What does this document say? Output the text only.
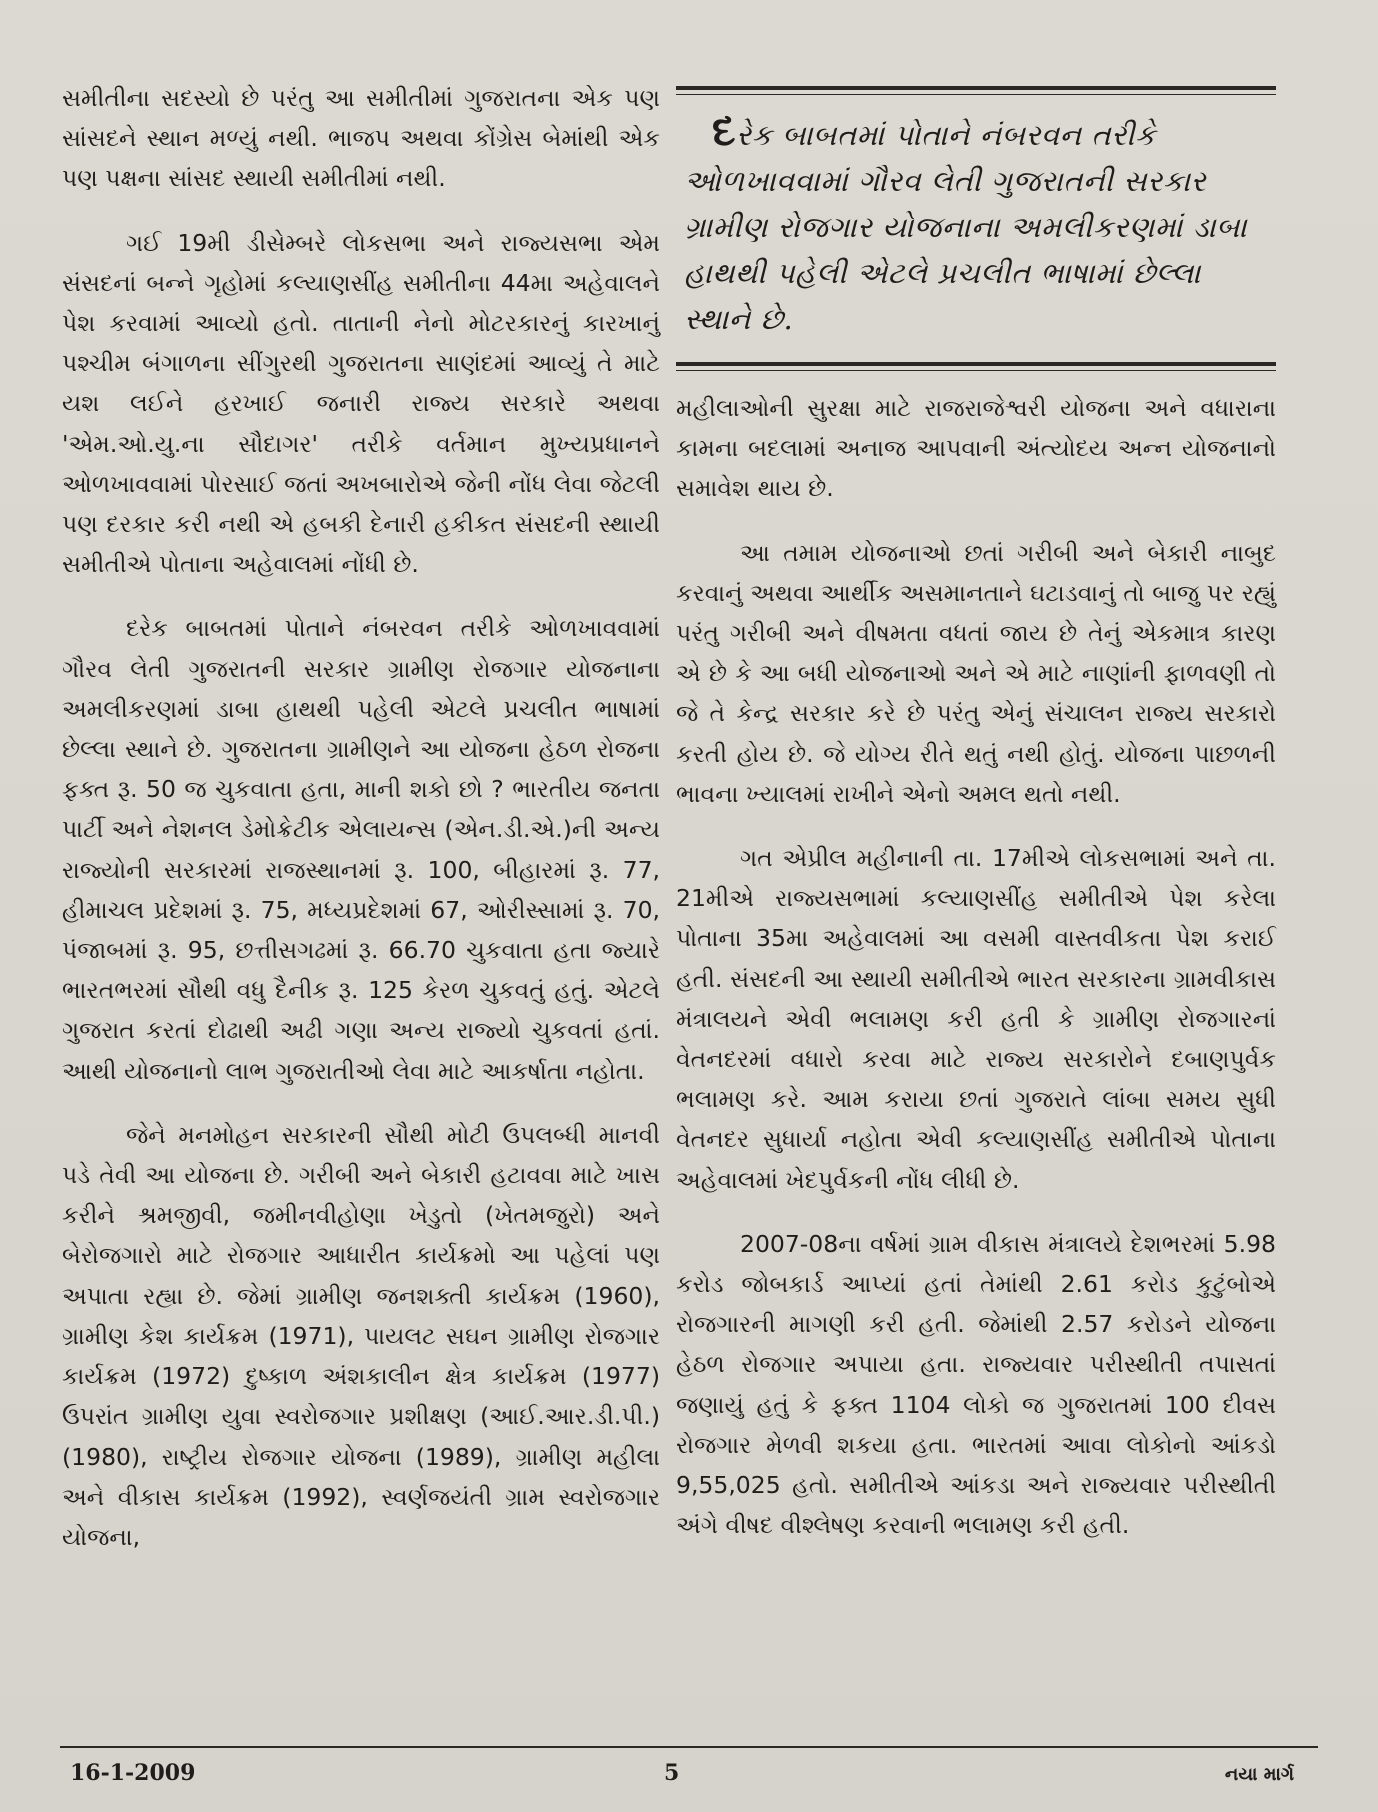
સમીતીના સદસ્યો છે પરંતુ આ સમીતીમાં ગુજરાતના એક પણ સાંસદને સ્થાન મળ્યું નથી. ભાજપ અથવા કોંગ્રેસ બેમાંથી એક પણ પક્ષના સાંસદ સ્થાયી સમીતીમાં નથી.

ગઈ 19મી ડીસેમ્બરે લોકસભા અને રાજ્યસભા એમ સંસદનાં બન્ને ગૃહોમાં કલ્યાણસીંહ સમીતીના 44મા અહેવાલને પેશ કરવામાં આવ્યો હતો. તાતાની નેનો મોટરકારનું કારખાનું પશ્ચીમ બંગાળના સીંગુરથી ગુજરાતના સાણંદમાં આવ્યું તે માટે યશ લઈને હરખાઈ જનારી રાજ્ય સરકારે અથવા 'એમ.ઓ.યુ.ના સૌદાગર' તરીકે વર્તમાન મુખ્યપ્રધાનને ઓળખાવવામાં પોરસાઈ જતાં અખબારોએ જેની નોંધ લેવા જેટલી પણ દરકાર કરી નથી એ હબકી દેનારી હકીકત સંસદની સ્થાયી સમીતીએ પોતાના અહેવાલમાં નોંધી છે.

દરેક બાબતમાં પોતાને નંબરવન તરીકે ઓળખાવવામાં ગૌરવ લેતી ગુજરાતની સરકાર ગ્રામીણ રોજગાર યોજનાના અમલીકરણમાં ડાબા હાથથી પહેલી એટલે પ્રચલીત ભાષામાં છેલ્લા સ્થાને છે. ગુજરાતના ગ્રામીણને આ યોજના હેઠળ રોજના ફક્ત રૂ. 50 જ ચુકવાતા હતા, માની શકો છો ? ભારતીય જનતા પાર્ટી અને નેશનલ ડેમોક્રેટીક એલાયન્સ (એન.ડી.એ.)ની અન્ય રાજ્યોની સરકારમાં રાજસ્થાનમાં રૂ. 100, બીહારમાં રૂ. 77, હીમાચલ પ્રદેશમાં રૂ. 75, મધ્યપ્રદેશમાં 67, ઓરીસ્સામાં રૂ. 70, પંજાબમાં રૂ. 95, છત્તીસગઢમાં રૂ. 66.70 ચુકવાતા હતા જ્યારે ભારતભરમાં સૌથી વધુ દૈનીક રૂ. 125 કેરળ ચુકવતું હતું. એટલે ગુજરાત કરતાં દોઢાથી અઢી ગણા અન્ય રાજ્યો ચુકવતાં હતાં. આથી યોજનાનો લાભ ગુજરાતીઓ લેવા માટે આકર્ષાતા નહોતા.

જેને મનમોહન સરકારની સૌથી મોટી ઉપલબ્ધી માનવી પડે તેવી આ યોજના છે. ગરીબી અને બેકારી હટાવવા માટે ખાસ કરીને શ્રમજીવી, જમીનવીહોણા ખેડુતો (ખેતમજુરો) અને બેરોજગારો માટે રોજગાર આધારીત કાર્યક્રમો આ પહેલાં પણ અપાતા રહ્યા છે. જેમાં ગ્રામીણ જનશક્તી કાર્યક્રમ (1960), ગ્રામીણ કેશ કાર્યક્રમ (1971), પાયલટ સઘન ગ્રામીણ રોજગાર કાર્યક્રમ (1972) દુષ્કાળ અંશકાલીન ક્ષેત્ર કાર્યક્રમ (1977) ઉપરાંત ગ્રામીણ યુવા સ્વરોજગાર પ્રશીક્ષણ (આઈ.આર.ડી.પી.) (1980), રાષ્ટ્રીય રોજગાર યોજના (1989), ગ્રામીણ મહીલા અને વીકાસ કાર્યક્રમ (1992), સ્વર્ણજયંતી ગ્રામ સ્વરોજગાર યોજના,

દરેક બાબતમાં પોતાને નંબરવન તરીકે ઓળખાવવામાં ગૌરવ લેતી ગુજરાતની સરકાર ગ્રામીણ રોજગાર યોજનાના અમલીકરણમાં ડાબા હાથથી પહેલી એટલે પ્રચલીત ભાષામાં છેલ્લા સ્થાને છે.

મહીલાઓની સુરક્ષા માટે રાજરાજેશ્વરી યોજના અને વધારાના કામના બદલામાં અનાજ આપવાની અંત્યોદય અન્ન યોજનાનો સમાવેશ થાય છે.

આ તમામ યોજનાઓ છતાં ગરીબી અને બેકારી નાબુદ કરવાનું અથવા આર્થીક અસમાનતાને ઘટાડવાનું તો બાજુ પર રહ્યું પરંતુ ગરીબી અને વીષમતા વધતાં જાય છે તેનું એકમાત્ર કારણ એ છે કે આ બધી યોજનાઓ અને એ માટે નાણાંની ફાળવણી તો જે તે કેન્દ્ર સરકાર કરે છે પરંતુ એનું સંચાલન રાજ્ય સરકારો કરતી હોય છે. જે યોગ્ય રીતે થતું નથી હોતું. યોજના પાછળની ભાવના ખ્યાલમાં રાખીને એનો અમલ થતો નથી.

ગત એપ્રીલ મહીનાની તા. 17મીએ લોકસભામાં અને તા. 21મીએ રાજ્યસભામાં કલ્યાણસીંહ સમીતીએ પેશ કરેલા પોતાના 35મા અહેવાલમાં આ વસમી વાસ્તવીકતા પેશ કરાઈ હતી. સંસદની આ સ્થાયી સમીતીએ ભારત સરકારના ગ્રામવીકાસ મંત્રાલયને એવી ભલામણ કરી હતી કે ગ્રામીણ રોજગારનાં વેતનદરમાં વધારો કરવા માટે રાજ્ય સરકારોને દબાણપુર્વક ભલામણ કરે. આમ કરાયા છતાં ગુજરાતે લાંબા સમય સુધી વેતનદર સુધાર્યા નહોતા એવી કલ્યાણસીંહ સમીતીએ પોતાના અહેવાલમાં ખેદપુર્વકની નોંધ લીધી છે.

2007-08ના વર્ષમાં ગ્રામ વીકાસ મંત્રાલયે દેશભરમાં 5.98 કરોડ જોબકાર્ડ આપ્યાં હતાં તેમાંથી 2.61 કરોડ કુટુંબોએ રોજગારની માગણી કરી હતી. જેમાંથી 2.57 કરોડને યોજના હેઠળ રોજગાર અપાયા હતા. રાજ્યવાર પરીસ્થીતી તપાસતાં જણાયું હતું કે ફક્ત 1104 લોકો જ ગુજરાતમાં 100 દીવસ રોજગાર મેળવી શકયા હતા. ભારતમાં આવા લોકોનો આંકડો 9,55,025 હતો. સમીતીએ આંકડા અને રાજ્યવાર પરીસ્થીતી અંગે વીષદ વીશ્લેષણ કરવાની ભલામણ કરી હતી.

16-1-2009	5	નયા માર્ગ
